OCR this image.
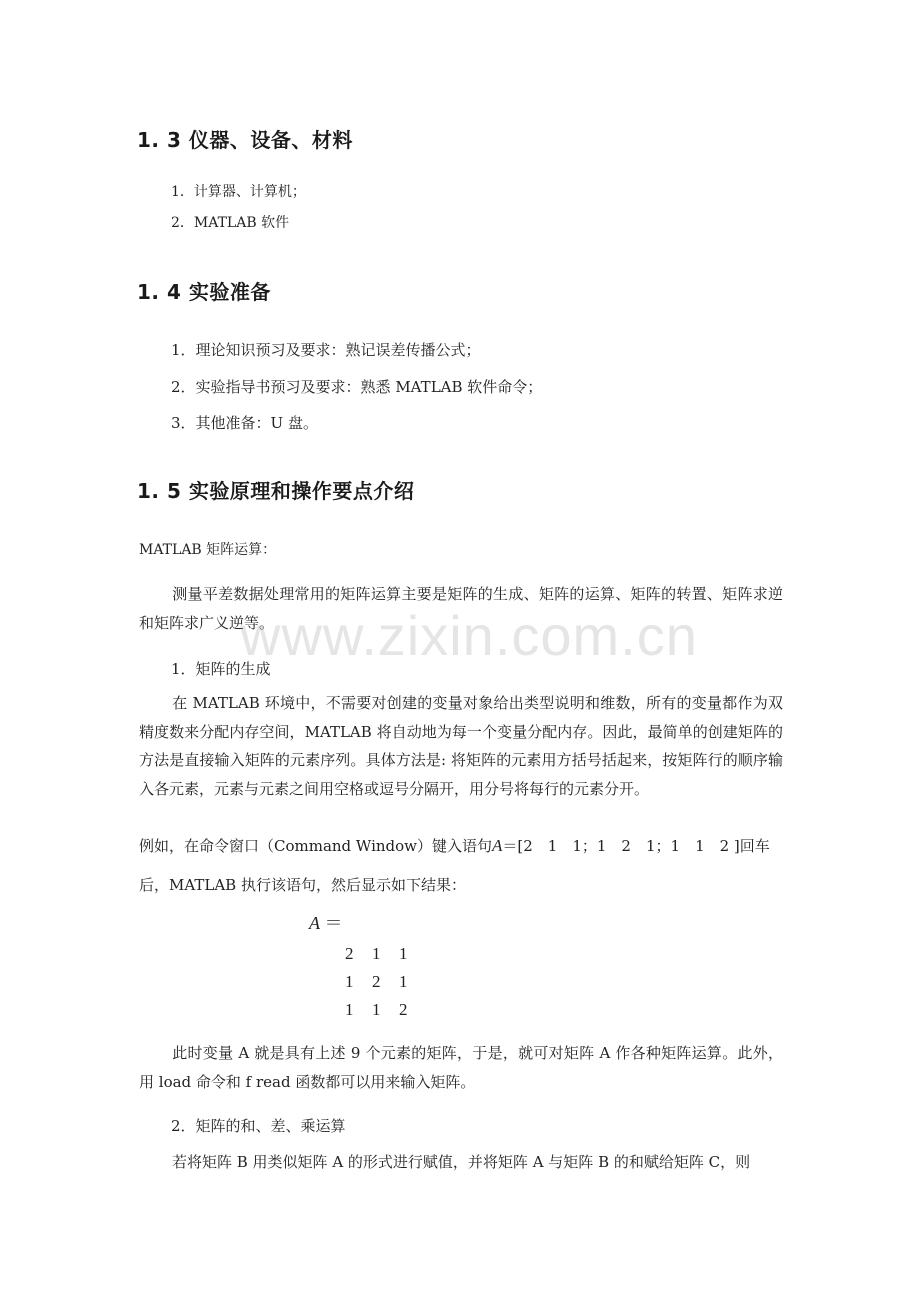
1. 3 仪器、设备、材料
1．计算器、计算机；
2．MATLAB 软件
1. 4 实验准备
1．理论知识预习及要求：熟记误差传播公式；
2．实验指导书预习及要求：熟悉 MATLAB 软件命令；
3．其他准备：U 盘。
1. 5 实验原理和操作要点介绍
MATLAB 矩阵运算：
测量平差数据处理常用的矩阵运算主要是矩阵的生成、矩阵的运算、矩阵的转置、矩阵求逆和矩阵求广义逆等。
1．矩阵的生成
在 MATLAB 环境中，不需要对创建的变量对象给出类型说明和维数，所有的变量都作为双精度数来分配内存空间，MATLAB 将自动地为每一个变量分配内存。因此，最简单的创建矩阵的方法是直接输入矩阵的元素序列。具体方法是: 将矩阵的元素用方括号括起来，按矩阵行的顺序输入各元素，元素与元素之间用空格或逗号分隔开，用分号将每行的元素分开。
例如，在命令窗口（Command Window）键入语句A＝[2　1　1；1　2　1；1　1　2 ]回车
后，MATLAB 执行该语句，然后显示如下结果：
A ＝
2	1	1
1	2	1
1	1	2
此时变量 A 就是具有上述 9 个元素的矩阵，于是，就可对矩阵 A 作各种矩阵运算。此外，用 load 命令和 f read 函数都可以用来输入矩阵。
2．矩阵的和、差、乘运算
若将矩阵 B 用类似矩阵 A 的形式进行赋值，并将矩阵 A 与矩阵 B 的和赋给矩阵 C，则
www.zixin.com.cn
